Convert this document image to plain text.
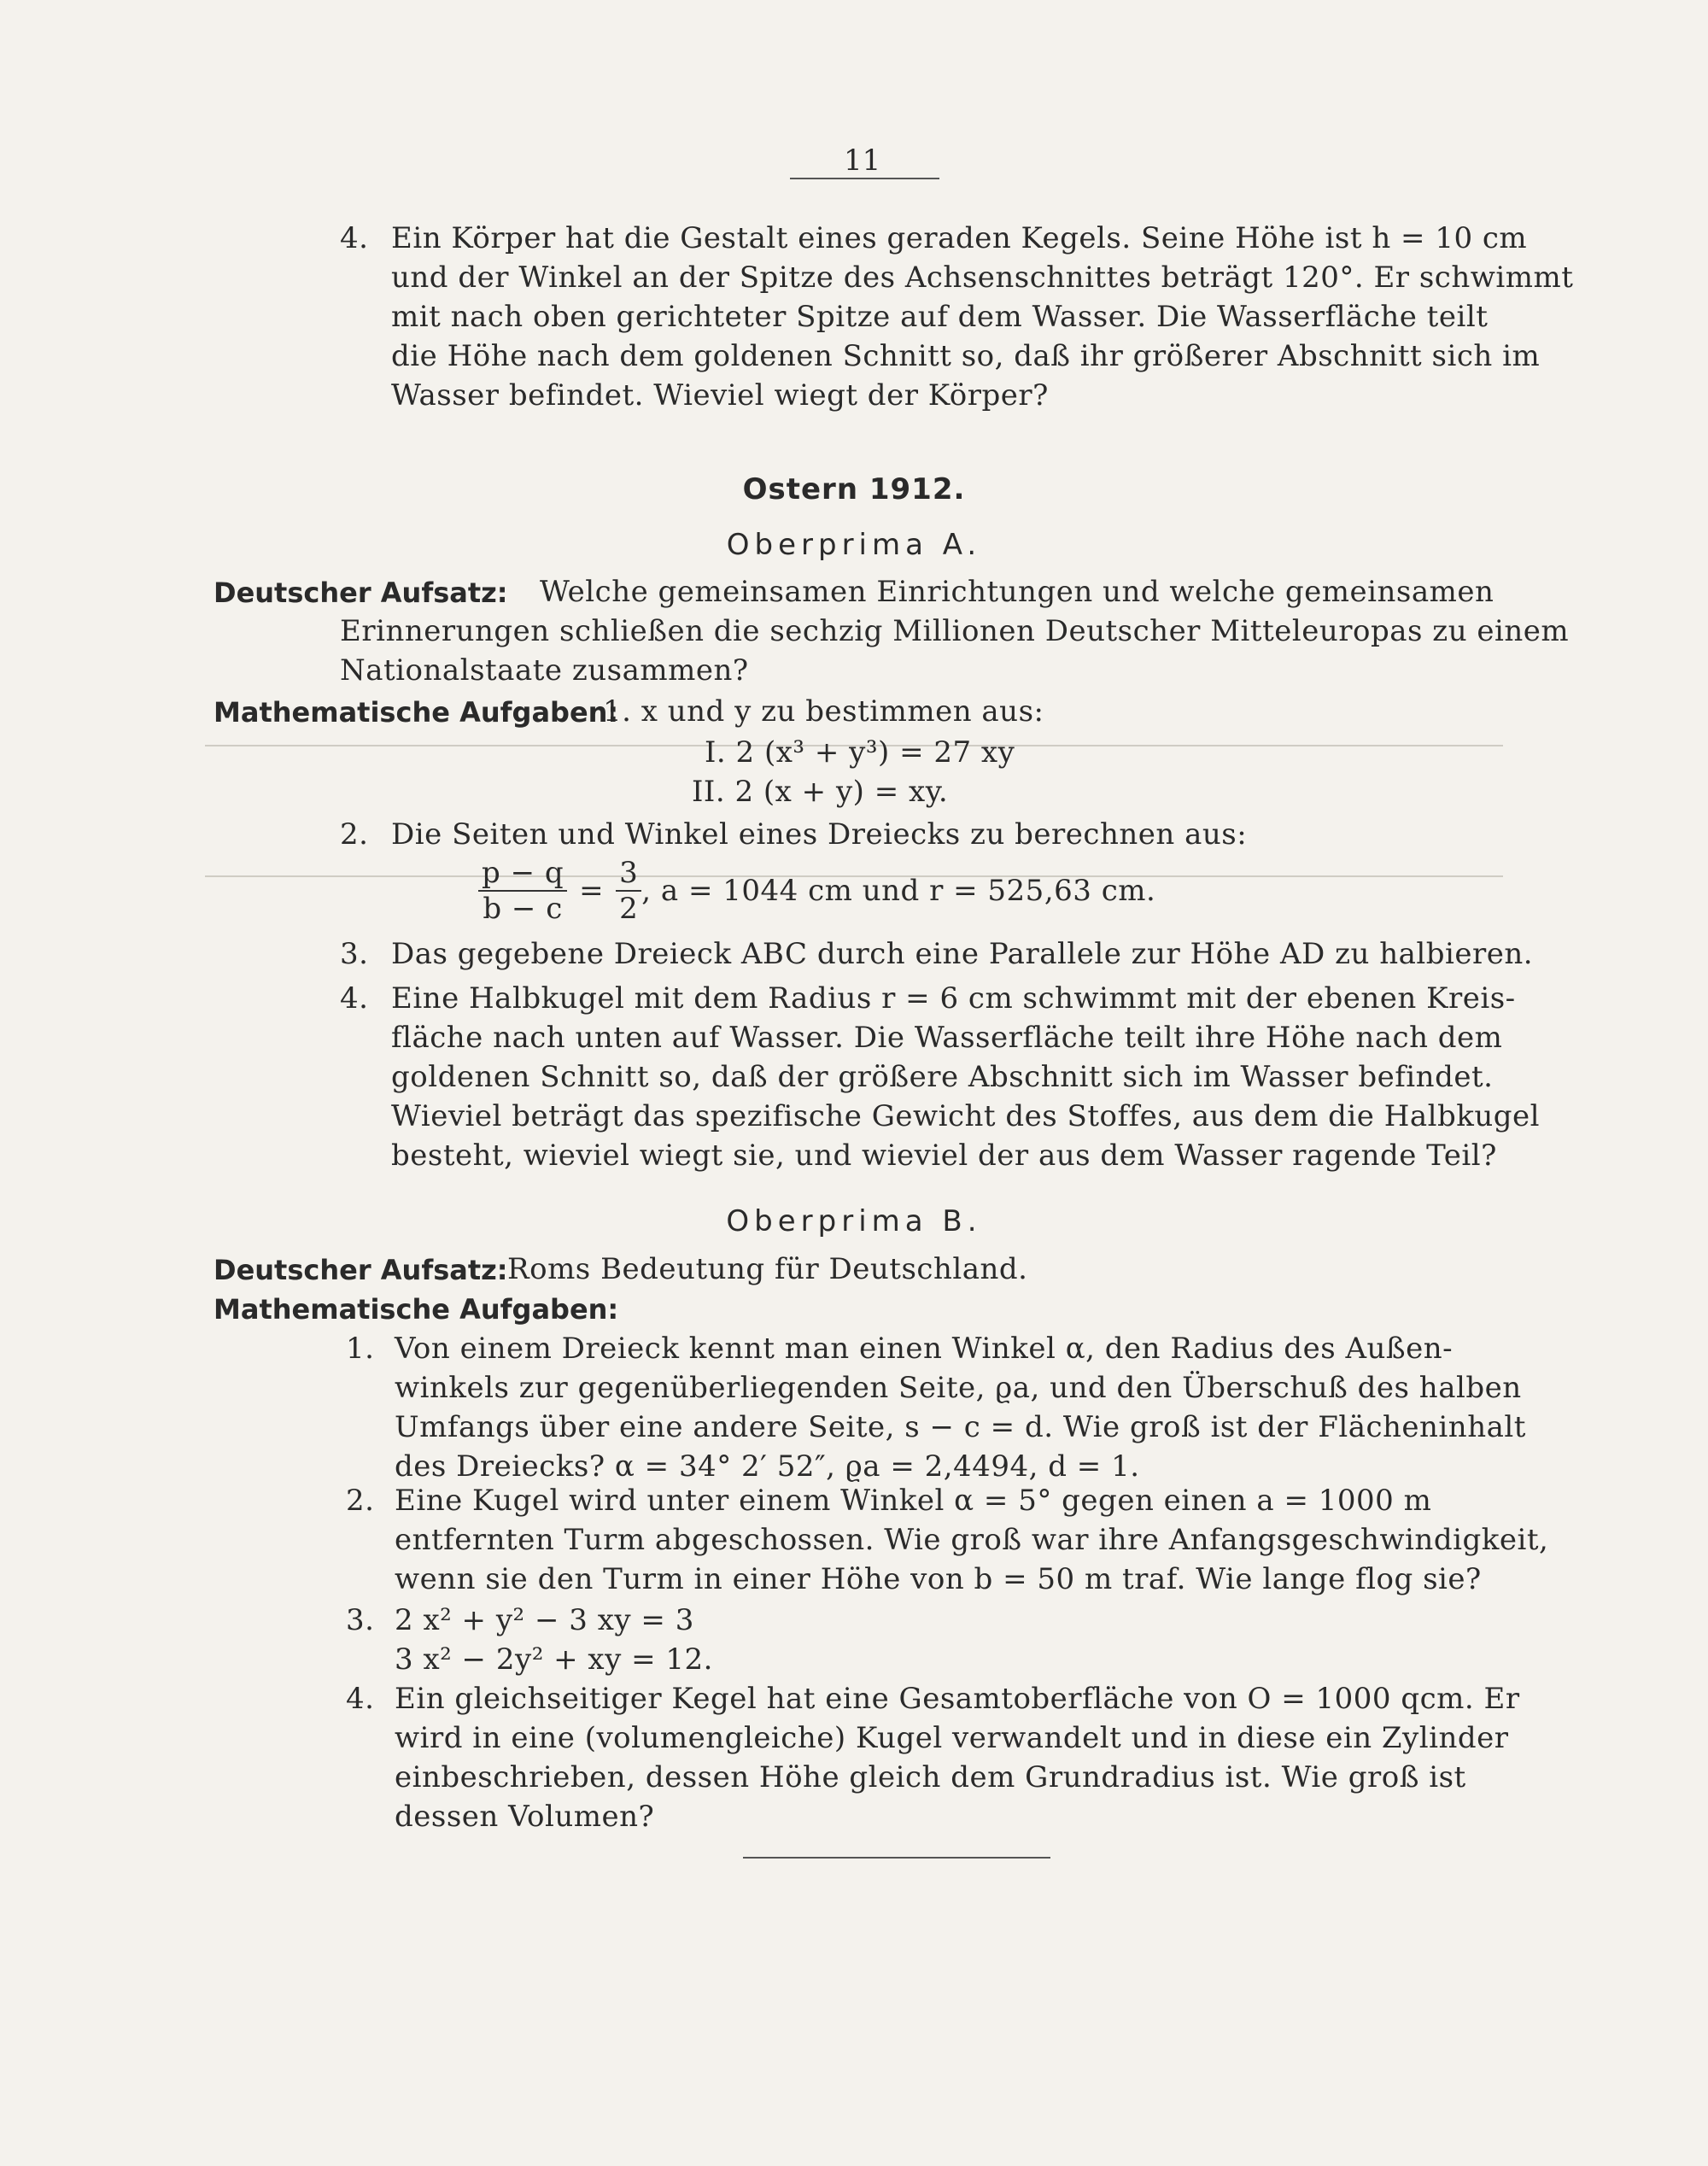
11
4. Ein Körper hat die Gestalt eines geraden Kegels. Seine Höhe ist h = 10 cm
und der Winkel an der Spitze des Achsenschnittes beträgt 120°. Er schwimmt
mit nach oben gerichteter Spitze auf dem Wasser. Die Wasserfläche teilt
die Höhe nach dem goldenen Schnitt so, daß ihr größerer Abschnitt sich im
Wasser befindet. Wieviel wiegt der Körper?
Ostern 1912.
Oberprima A.
Deutscher Aufsatz: Welche gemeinsamen Einrichtungen und welche gemeinsamen
Erinnerungen schließen die sechzig Millionen Deutscher Mitteleuropas zu einem
Nationalstaate zusammen?
Mathematische Aufgaben:
1. x und y zu bestimmen aus:
I. 2 (x³ + y³) = 27 xy
II. 2 (x + y) = xy.
2. Die Seiten und Winkel eines Dreiecks zu berechnen aus:
$\frac{p - q}{b - c} = \frac{3}{2}$ , a = 1044 cm und r = 525,63 cm.
3. Das gegebene Dreieck ABC durch eine Parallele zur Höhe AD zu halbieren.
4. Eine Halbkugel mit dem Radius r = 6 cm schwimmt mit der ebenen Kreis-
fläche nach unten auf Wasser. Die Wasserfläche teilt ihre Höhe nach dem
goldenen Schnitt so, daß der größere Abschnitt sich im Wasser befindet.
Wieviel beträgt das spezifische Gewicht des Stoffes, aus dem die Halbkugel
besteht, wieviel wiegt sie, und wieviel der aus dem Wasser ragende Teil?
Oberprima B.
Deutscher Aufsatz: Roms Bedeutung für Deutschland.
Mathematische Aufgaben:
1. Von einem Dreieck kennt man einen Winkel α, den Radius des Außen-
winkels zur gegenüberliegenden Seite, ϱa, und den Überschuß des halben
Umfangs über eine andere Seite, s − c = d. Wie groß ist der Flächeninhalt
des Dreiecks? α = 34° 2′ 52″, ϱa = 2,4494, d = 1.
2. Eine Kugel wird unter einem Winkel α = 5° gegen einen a = 1000 m
entfernten Turm abgeschossen. Wie groß war ihre Anfangsgeschwindigkeit,
wenn sie den Turm in einer Höhe von b = 50 m traf. Wie lange flog sie?
3. 2 x² + y² − 3 xy = 3
3 x² − 2y² + xy = 12.
4. Ein gleichseitiger Kegel hat eine Gesamtoberfläche von O = 1000 qcm. Er
wird in eine (volumengleiche) Kugel verwandelt und in diese ein Zylinder
einbeschrieben, dessen Höhe gleich dem Grundradius ist. Wie groß ist
dessen Volumen?
